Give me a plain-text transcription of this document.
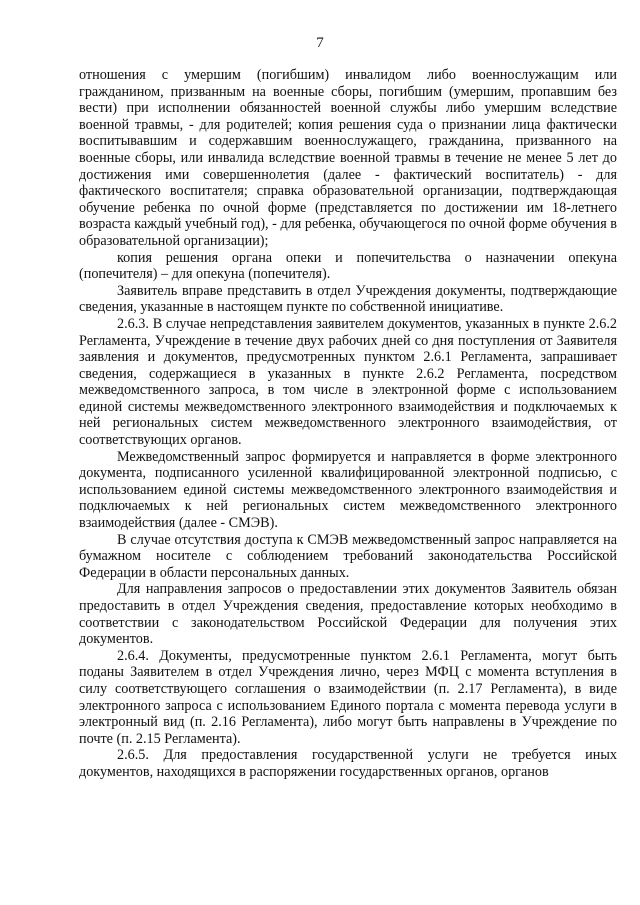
7

отношения с умершим (погибшим) инвалидом либо военнослужащим или гражданином, призванным на военные сборы, погибшим (умершим, пропавшим без вести) при исполнении обязанностей военной службы либо умершим вследствие военной травмы, - для родителей; копия решения суда о признании лица фактически воспитывавшим и содержавшим военнослужащего, гражданина, призванного на военные сборы, или инвалида вследствие военной травмы в течение не менее 5 лет до достижения ими совершеннолетия (далее - фактический воспитатель) - для фактического воспитателя; справка образовательной организации, подтверждающая обучение ребенка по очной форме (представляется по достижении им 18-летнего возраста каждый учебный год), - для ребенка, обучающегося по очной форме обучения в образовательной организации);

копия решения органа опеки и попечительства о назначении опекуна (попечителя) – для опекуна (попечителя).

Заявитель вправе представить в отдел Учреждения документы, подтверждающие сведения, указанные в настоящем пункте по собственной инициативе.

2.6.3. В случае непредставления заявителем документов, указанных в пункте 2.6.2 Регламента, Учреждение в течение двух рабочих дней со дня поступления от Заявителя заявления и документов, предусмотренных пунктом 2.6.1 Регламента, запрашивает сведения, содержащиеся в указанных в пункте 2.6.2 Регламента, посредством межведомственного запроса, в том числе в электронной форме с использованием единой системы межведомственного электронного взаимодействия и подключаемых к ней региональных систем межведомственного электронного взаимодействия, от соответствующих органов.

Межведомственный запрос формируется и направляется в форме электронного документа, подписанного усиленной квалифицированной электронной подписью, с использованием единой системы межведомственного электронного взаимодействия и подключаемых к ней региональных систем межведомственного электронного взаимодействия (далее - СМЭВ).

В случае отсутствия доступа к СМЭВ межведомственный запрос направляется на бумажном носителе с соблюдением требований законодательства Российской Федерации в области персональных данных.

Для направления запросов о предоставлении этих документов Заявитель обязан предоставить в отдел Учреждения сведения, предоставление которых необходимо в соответствии с законодательством Российской Федерации для получения этих документов.

2.6.4. Документы, предусмотренные пунктом 2.6.1 Регламента, могут быть поданы Заявителем в отдел Учреждения лично, через МФЦ с момента вступления в силу соответствующего соглашения о взаимодействии (п. 2.17 Регламента), в виде электронного запроса с использованием Единого портала с момента перевода услуги в электронный вид (п. 2.16 Регламента), либо могут быть направлены в Учреждение по почте (п. 2.15 Регламента).

2.6.5. Для предоставления государственной услуги не требуется иных документов, находящихся в распоряжении государственных органов, органов
